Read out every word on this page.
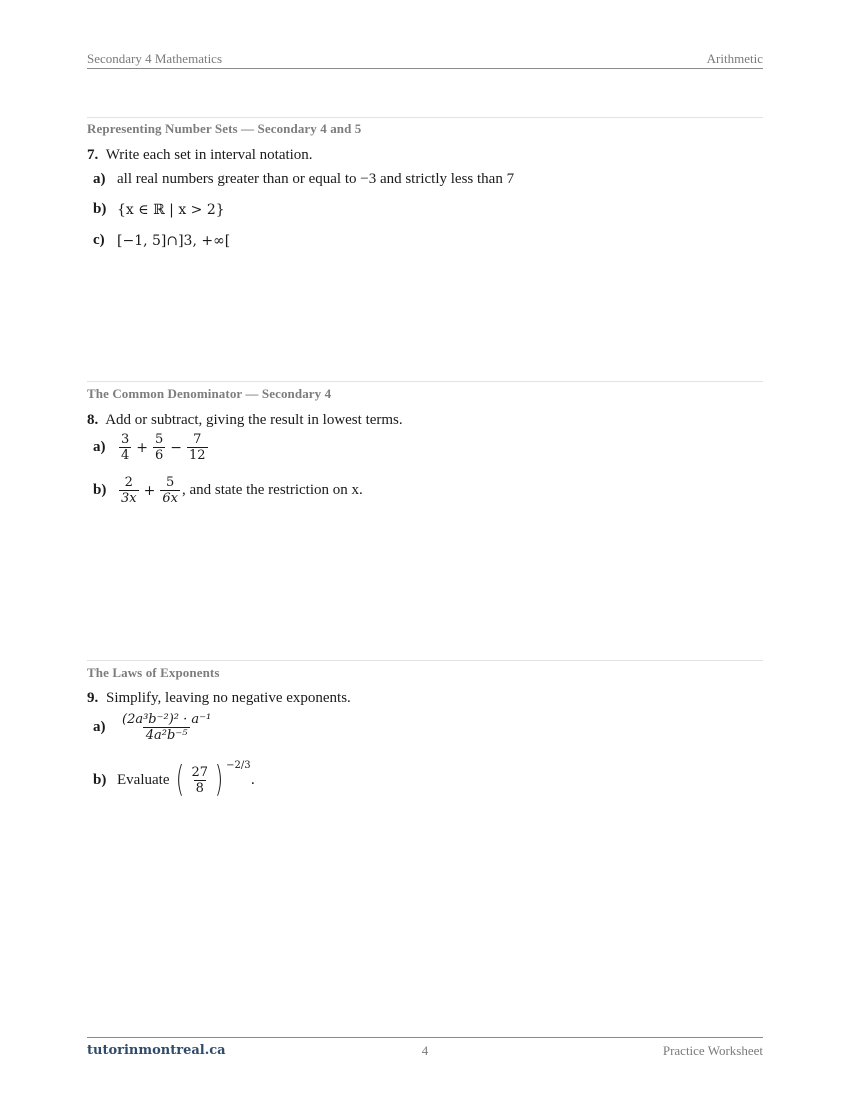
Secondary 4 Mathematics	Arithmetic
Representing Number Sets — Secondary 4 and 5
7. Write each set in interval notation.
a) all real numbers greater than or equal to −3 and strictly less than 7
b) {x ∈ ℝ | x > 2}
c) [−1, 5]∩]3, +∞[
The Common Denominator — Secondary 4
8. Add or subtract, giving the result in lowest terms.
a)	$\frac{3}{4} + \frac{5}{6} - \frac{7}{12}$
$b) \frac{2}{3x} + \frac{5}{6x}$ , and state the restriction on x.
The Laws of Exponents
9. Simplify, leaving no negative exponents.
a)	$\frac{\text{(2a³b⁻²)² · a⁻¹}}{\text{4a²b⁻⁵}}$
b) Evaluate ( $\frac{27}{8}$ ) −2/3
.
tutorinmontreal.ca	4	Practice Worksheet
